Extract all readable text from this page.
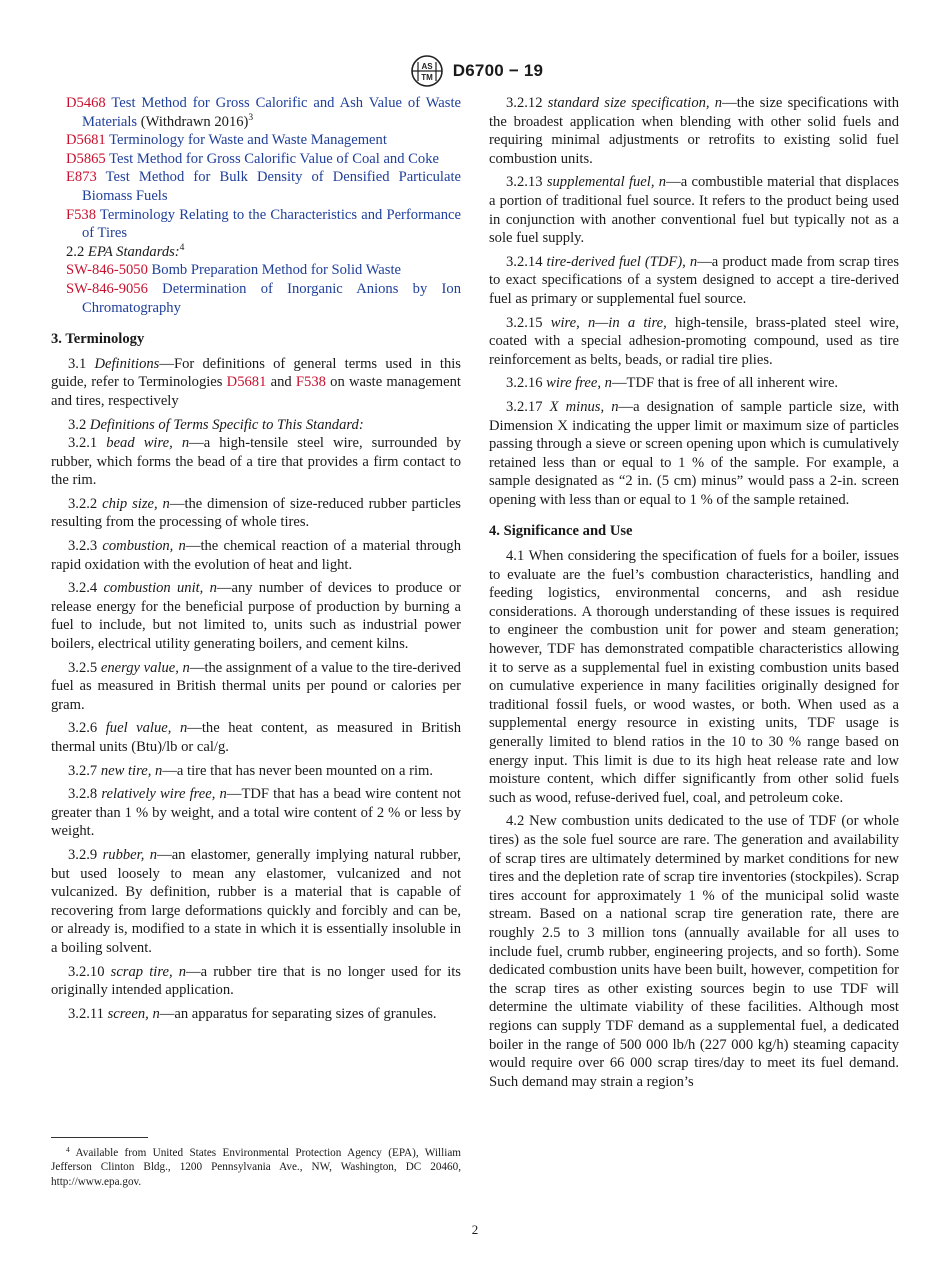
AS
TM D6700 − 19
D5468 Test Method for Gross Calorific and Ash Value of Waste Materials (Withdrawn 2016)$^3$
D5681 Terminology for Waste and Waste Management
D5865 Test Method for Gross Calorific Value of Coal and Coke
E873 Test Method for Bulk Density of Densified Particulate Biomass Fuels
F538 Terminology Relating to the Characteristics and Performance of Tires
2.2 EPA Standards:$^4$
SW-846-5050 Bomb Preparation Method for Solid Waste
SW-846-9056 Determination of Inorganic Anions by Ion Chromatography
3. Terminology

3.1 Definitions—For definitions of general terms used in this guide, refer to Terminologies D5681 and F538 on waste management and tires, respectively

3.2 Definitions of Terms Specific to This Standard:

3.2.1 bead wire, n—a high-tensile steel wire, surrounded by rubber, which forms the bead of a tire that provides a firm contact to the rim.

3.2.2 chip size, n—the dimension of size-reduced rubber particles resulting from the processing of whole tires.

3.2.3 combustion, n—the chemical reaction of a material through rapid oxidation with the evolution of heat and light.

3.2.4 combustion unit, n—any number of devices to produce or release energy for the beneficial purpose of production by burning a fuel to include, but not limited to, units such as industrial power boilers, electrical utility generating boilers, and cement kilns.

3.2.5 energy value, n—the assignment of a value to the tire-derived fuel as measured in British thermal units per pound or calories per gram.

3.2.6 fuel value, n—the heat content, as measured in British thermal units (Btu)/lb or cal/g.

3.2.7 new tire, n—a tire that has never been mounted on a rim.

3.2.8 relatively wire free, n—TDF that has a bead wire content not greater than 1 % by weight, and a total wire content of 2 % or less by weight.

3.2.9 rubber, n—an elastomer, generally implying natural rubber, but used loosely to mean any elastomer, vulcanized and not vulcanized. By definition, rubber is a material that is capable of recovering from large deformations quickly and forcibly and can be, or already is, modified to a state in which it is essentially insoluble in a boiling solvent.

3.2.10 scrap tire, n—a rubber tire that is no longer used for its originally intended application.

3.2.11 screen, n—an apparatus for separating sizes of granules.

3.2.12 standard size specification, n—the size specifications with the broadest application when blending with other solid fuels and requiring minimal adjustments or retrofits to existing solid fuel combustion units.

3.2.13 supplemental fuel, n—a combustible material that displaces a portion of traditional fuel source. It refers to the product being used in conjunction with another conventional fuel but typically not as a sole fuel supply.

3.2.14 tire-derived fuel (TDF), n—a product made from scrap tires to exact specifications of a system designed to accept a tire-derived fuel as primary or supplemental fuel source.

3.2.15 wire, n—in a tire, high-tensile, brass-plated steel wire, coated with a special adhesion-promoting compound, used as tire reinforcement as belts, beads, or radial tire plies.

3.2.16 wire free, n—TDF that is free of all inherent wire.

3.2.17 X minus, n—a designation of sample particle size, with Dimension X indicating the upper limit or maximum size of particles passing through a sieve or screen opening upon which is cumulatively retained less than or equal to 1 % of the sample. For example, a sample designated as “2 in. (5 cm) minus” would pass a 2-in. screen opening with less than or equal to 1 % of the sample retained.

4. Significance and Use

4.1 When considering the specification of fuels for a boiler, issues to evaluate are the fuel’s combustion characteristics, handling and feeding logistics, environmental concerns, and ash residue considerations. A thorough understanding of these issues is required to engineer the combustion unit for power and steam generation; however, TDF has demonstrated compatible characteristics allowing it to serve as a supplemental fuel in existing combustion units based on cumulative experience in many facilities originally designed for traditional fossil fuels, or wood wastes, or both. When used as a supplemental energy resource in existing units, TDF usage is generally limited to blend ratios in the 10 to 30 % range based on energy input. This limit is due to its high heat release rate and low moisture content, which differ significantly from other solid fuels such as wood, refuse-derived fuel, coal, and petroleum coke.

4.2 New combustion units dedicated to the use of TDF (or whole tires) as the sole fuel source are rare. The generation and availability of scrap tires are ultimately determined by market conditions for new tires and the depletion rate of scrap tire inventories (stockpiles). Scrap tires account for approximately 1 % of the municipal solid waste stream. Based on a national scrap tire generation rate, there are roughly 2.5 to 3 million tons (annually available for all uses to include fuel, crumb rubber, engineering projects, and so forth). Some dedicated combustion units have been built, however, competition for the scrap tires as other existing sources begin to use TDF will determine the ultimate viability of these facilities. Although most regions can supply TDF demand as a supplemental fuel, a dedicated boiler in the range of 500 000 lb/h (227 000 kg/h) steaming capacity would require over 66 000 scrap tires/day to meet its fuel demand. Such demand may strain a region’s

$^4$ Available from United States Environmental Protection Agency (EPA), William Jefferson Clinton Bldg., 1200 Pennsylvania Ave., NW, Washington, DC 20460, http://www.epa.gov.
2
